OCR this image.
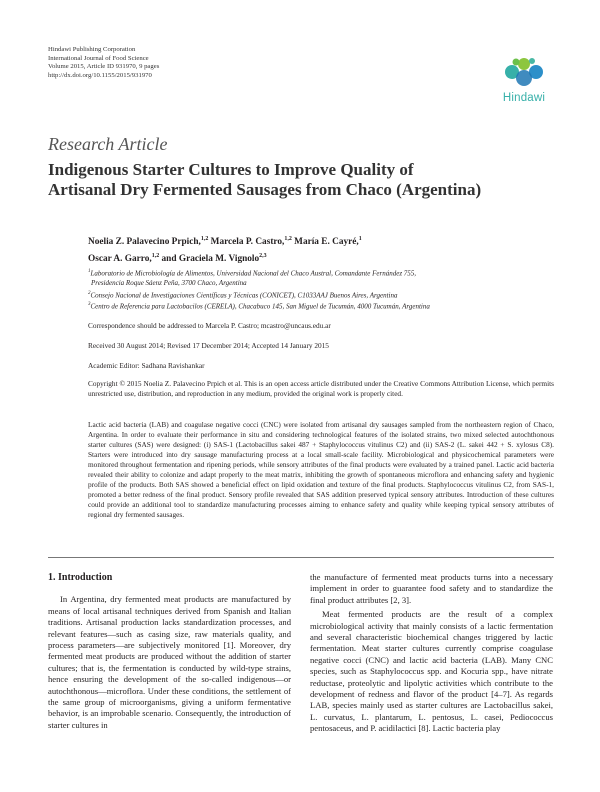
Hindawi Publishing Corporation
International Journal of Food Science
Volume 2015, Article ID 931970, 9 pages
http://dx.doi.org/10.1155/2015/931970
Hindawi
Research Article
Indigenous Starter Cultures to Improve Quality of
Artisanal Dry Fermented Sausages from Chaco (Argentina)
Noelia Z. Palavecino Prpich,$^{1,2}$ Marcela P. Castro,$^{1,2}$ María E. Cayré,$^1$
Oscar A. Garro,$^{1,2}$ and Graciela M. Vignolo$^{2,3}$
$^1$Laboratorio de Microbiología de Alimentos, Universidad Nacional del Chaco Austral, Comandante Fernández 755,
Presidencia Roque Sáenz Peña, 3700 Chaco, Argentina
$^2$Consejo Nacional de Investigaciones Científicas y Técnicas (CONICET), C1033AAJ Buenos Aires, Argentina
$^3$Centro de Referencia para Lactobacilos (CERELA), Chacabuco 145, San Miguel de Tucumán, 4000 Tucumán, Argentina
Correspondence should be addressed to Marcela P. Castro; mcastro@uncaus.edu.ar
Received 30 August 2014; Revised 17 December 2014; Accepted 14 January 2015
Academic Editor: Sadhana Ravishankar
Copyright © 2015 Noelia Z. Palavecino Prpich et al. This is an open access article distributed under the Creative Commons Attribution License, which permits unrestricted use, distribution, and reproduction in any medium, provided the original work is properly cited.
Lactic acid bacteria (LAB) and coagulase negative cocci (CNC) were isolated from artisanal dry sausages sampled from the northeastern region of Chaco, Argentina. In order to evaluate their performance in situ and considering technological features of the isolated strains, two mixed selected autochthonous starter cultures (SAS) were designed: (i) SAS-1 (Lactobacillus sakei 487 + Staphylococcus vitulinus C2) and (ii) SAS-2 (L. sakei 442 + S. xylosus C8). Starters were introduced into dry sausage manufacturing process at a local small-scale facility. Microbiological and physicochemical parameters were monitored throughout fermentation and ripening periods, while sensory attributes of the final products were evaluated by a trained panel. Lactic acid bacteria revealed their ability to colonize and adapt properly to the meat matrix, inhibiting the growth of spontaneous microflora and enhancing safety and hygienic profile of the products. Both SAS showed a beneficial effect on lipid oxidation and texture of the final products. Staphylococcus vitulinus C2, from SAS-1, promoted a better redness of the final product. Sensory profile revealed that SAS addition preserved typical sensory attributes. Introduction of these cultures could provide an additional tool to standardize manufacturing processes aiming to enhance safety and quality while keeping typical sensory attributes of regional dry fermented sausages.
1. Introduction

In Argentina, dry fermented meat products are manufactured by means of local artisanal techniques derived from Spanish and Italian traditions. Artisanal production lacks standardization processes, and relevant features—such as casing size, raw materials quality, and process parameters—are subjectively monitored [1]. Moreover, dry fermented meat products are produced without the addition of starter cultures; that is, the fermentation is conducted by wild-type strains, hence ensuring the development of the so-called indigenous—or autochthonous—microflora. Under these conditions, the settlement of the same group of microorganisms, giving a uniform fermentative behavior, is an improbable scenario. Consequently, the introduction of starter cultures in

the manufacture of fermented meat products turns into a necessary implement in order to guarantee food safety and to standardize the final product attributes [2, 3].

Meat fermented products are the result of a complex microbiological activity that mainly consists of a lactic fermentation and several characteristic biochemical changes triggered by lactic fermentation. Meat starter cultures currently comprise coagulase negative cocci (CNC) and lactic acid bacteria (LAB). Many CNC species, such as Staphylococcus spp. and Kocuria spp., have nitrate reductase, proteolytic and lipolytic activities which contribute to the development of redness and flavor of the product [4–7]. As regards LAB, species mainly used as starter cultures are Lactobacillus sakei, L. curvatus, L. plantarum, L. pentosus, L. casei, Pediococcus pentosaceus, and P. acidilactici [8]. Lactic bacteria play
